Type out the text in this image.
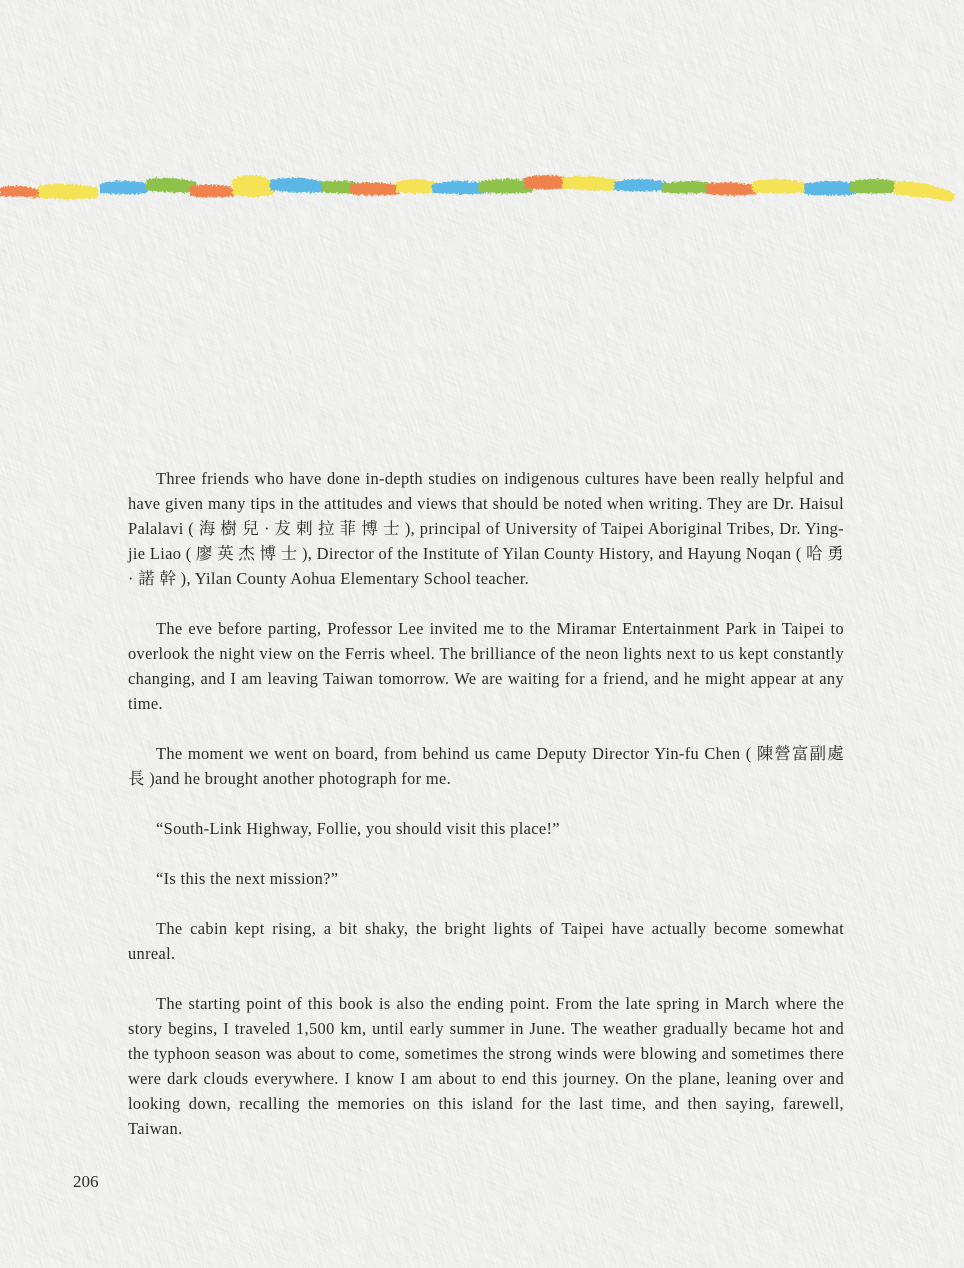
Three friends who have done in-depth studies on indigenous cultures have been really helpful and have given many tips in the attitudes and views that should be noted when writing. They are Dr. Haisul Palalavi ( 海 樹 兒 · 犮 剌 拉 菲 博 士 ), principal of University of Taipei Aboriginal Tribes, Dr. Ying-jie Liao ( 廖 英 杰 博 士 ), Director of the Institute of Yilan County History, and Hayung Noqan ( 哈 勇 · 諾 幹 ), Yilan County Aohua Elementary School teacher.

The eve before parting, Professor Lee invited me to the Miramar Entertainment Park in Taipei to overlook the night view on the Ferris wheel. The brilliance of the neon lights next to us kept constantly changing, and I am leaving Taiwan tomorrow. We are waiting for a friend, and he might appear at any time.

The moment we went on board, from behind us came Deputy Director Yin-fu Chen ( 陳營富副處長 )and he brought another photograph for me.

“South-Link Highway, Follie, you should visit this place!”

“Is this the next mission?”

The cabin kept rising, a bit shaky, the bright lights of Taipei have actually become somewhat unreal.

The starting point of this book is also the ending point. From the late spring in March where the story begins, I traveled 1,500 km, until early summer in June. The weather gradually became hot and the typhoon season was about to come, sometimes the strong winds were blowing and sometimes there were dark clouds everywhere. I know I am about to end this journey. On the plane, leaning over and looking down, recalling the memories on this island for the last time, and then saying, farewell, Taiwan.

206
